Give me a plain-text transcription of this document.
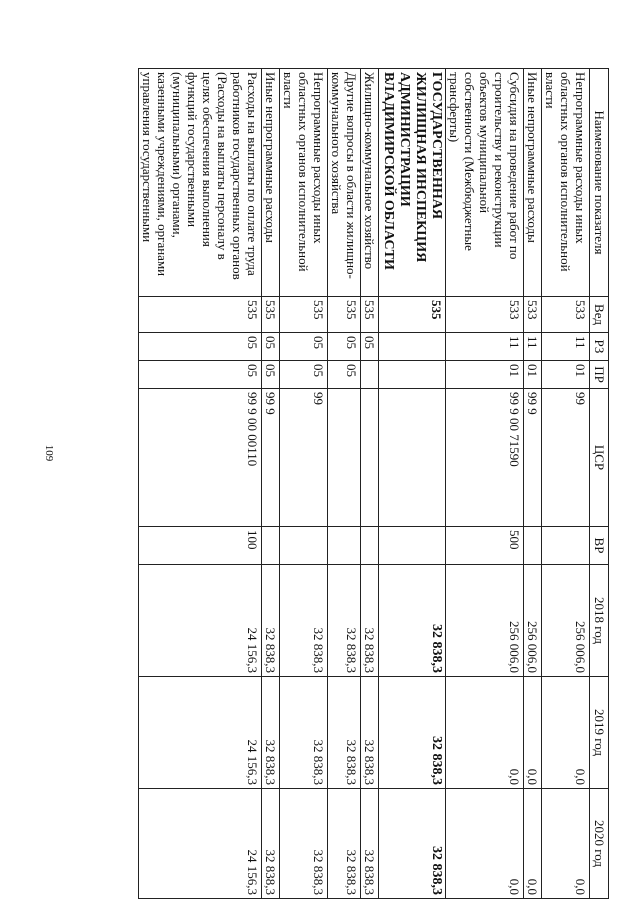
109
Наименование показателя	Вед	РЗ	ПР	ЦСР	ВР	2018 год	2019 год	2020 год
Непрограммные расходы иных областных органов исполнительной власти	533	11	01	99		256 006,0	0,0	0,0
Иные непрограммные расходы	533	11	01	99 9		256 006,0	0,0	0,0
Субсидия на проведение работ по строительству и реконструкции объектов муниципальной собственности (Межбюджетные трансферты)	533	11	01	99 9 00 71590	500	256 006,0	0,0	0,0
ГОСУДАРСТВЕННАЯ ЖИЛИЩНАЯ ИНСПЕКЦИЯ АДМИНИСТРАЦИИ ВЛАДИМИРСКОЙ ОБЛАСТИ	535					32 838,3	32 838,3	32 838,3
Жилищно-коммунальное хозяйство	535	05				32 838,3	32 838,3	32 838,3
Другие вопросы в области жилищно-коммунального хозяйства	535	05	05			32 838,3	32 838,3	32 838,3
Непрограммные расходы иных областных органов исполнительной власти	535	05	05	99		32 838,3	32 838,3	32 838,3
Иные непрограммные расходы	535	05	05	99 9		32 838,3	32 838,3	32 838,3
Расходы на выплаты по оплате труда работников государственных органов (Расходы на выплаты персоналу в целях обеспечения выполнения функций государственными (муниципальными) органами, казенными учреждениями, органами управления государственными	535	05	05	99 9 00 00110	100	24 156,3	24 156,3	24 156,3
